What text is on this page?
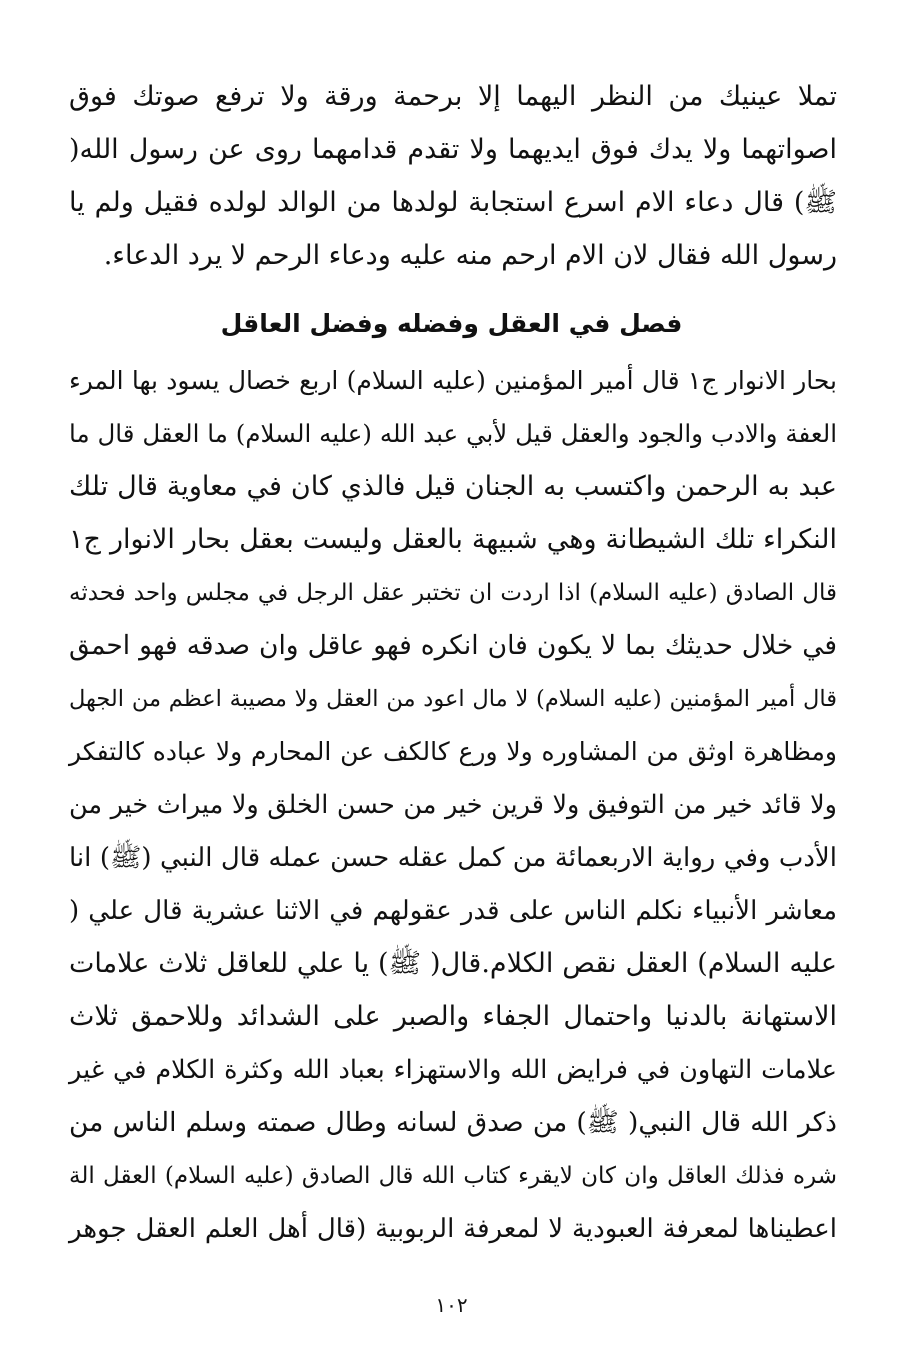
تملا عينيك من النظر اليهما إلا برحمة ورقة ولا ترفع صوتك فوق
اصواتهما ولا يدك فوق ايديهما ولا تقدم قدامهما روى عن رسول الله(
ﷺ) قال دعاء الام اسرع استجابة لولدها من الوالد لولده فقيل ولم يا
رسول الله فقال لان الام ارحم منه عليه ودعاء الرحم لا يرد الدعاء.
فصل في العقل وفضله وفضل العاقل
بحار الانوار ج١ قال أمير المؤمنين (عليه السلام) اربع خصال يسود بها المرء
العفة والادب والجود والعقل قيل لأبي عبد الله (عليه السلام) ما العقل قال ما
عبد به الرحمن واكتسب به الجنان قيل فالذي كان في معاوية قال تلك
النكراء تلك الشيطانة وهي شبيهة بالعقل وليست بعقل بحار الانوار ج١
قال الصادق (عليه السلام) اذا اردت ان تختبر عقل الرجل في مجلس واحد فحدثه
في خلال حديثك بما لا يكون فان انكره فهو عاقل وان صدقه فهو احمق
قال أمير المؤمنين (عليه السلام) لا مال اعود من العقل ولا مصيبة اعظم من الجهل
ومظاهرة اوثق من المشاوره ولا ورع كالكف عن المحارم ولا عباده كالتفكر
ولا قائد خير من التوفيق ولا قرين خير من حسن الخلق ولا ميراث خير من
الأدب وفي رواية الاربعمائة من كمل عقله حسن عمله قال النبي (ﷺ) انا
معاشر الأنبياء نكلم الناس على قدر عقولهم في الاثنا عشرية قال علي (
عليه السلام) العقل نقص الكلام.قال( ﷺ) يا علي للعاقل ثلاث علامات
الاستهانة بالدنيا واحتمال الجفاء والصبر على الشدائد وللاحمق ثلاث
علامات التهاون في فرايض الله والاستهزاء بعباد الله وكثرة الكلام في غير
ذكر الله قال النبي( ﷺ) من صدق لسانه وطال صمته وسلم الناس من
شره فذلك العاقل وان كان لايقرء كتاب الله قال الصادق (عليه السلام) العقل الة
اعطيناها لمعرفة العبودية لا لمعرفة الربوبية (قال أهل العلم العقل جوهر
١٠٢
